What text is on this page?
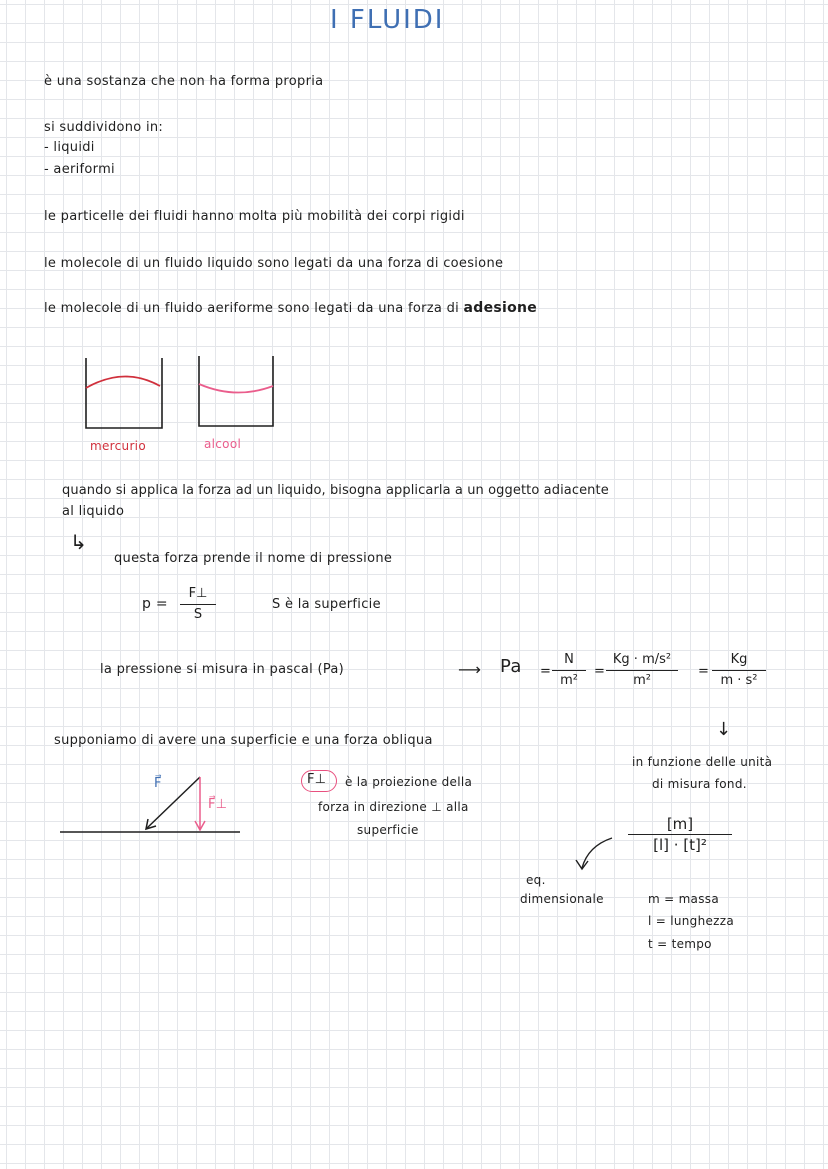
I FLUIDI
è una sostanza che non ha forma propria
si suddividono in:
- liquidi
- aeriformi
le particelle dei fluidi hanno molta più mobilità dei corpi rigidi
le molecole di un fluido liquido sono legati da una forza di coesione
le molecole di un fluido aeriforme sono legati da una forza di adesione
mercurio	alcool
quando si applica la forza ad un liquido, bisogna applicarla a un oggetto adiacente
al liquido
↳
questa forza prende il nome di pressione
p =
F⊥
S
S è la superficie
la pressione si misura in pascal (Pa)	⟶ Pa =
N
m²
=
Kg · m/s²
m²
=
Kg
m · s²
supponiamo di avere una superficie e una forza obliqua
F⃗
F⃗⊥
F⊥ è la proiezione della
forza in direzione ⊥ alla
superficie
↓
in funzione delle unità
di misura fond.
[m]
[l] · [t]²
eq.
dimensionale	m = massa
l = lunghezza
t = tempo
